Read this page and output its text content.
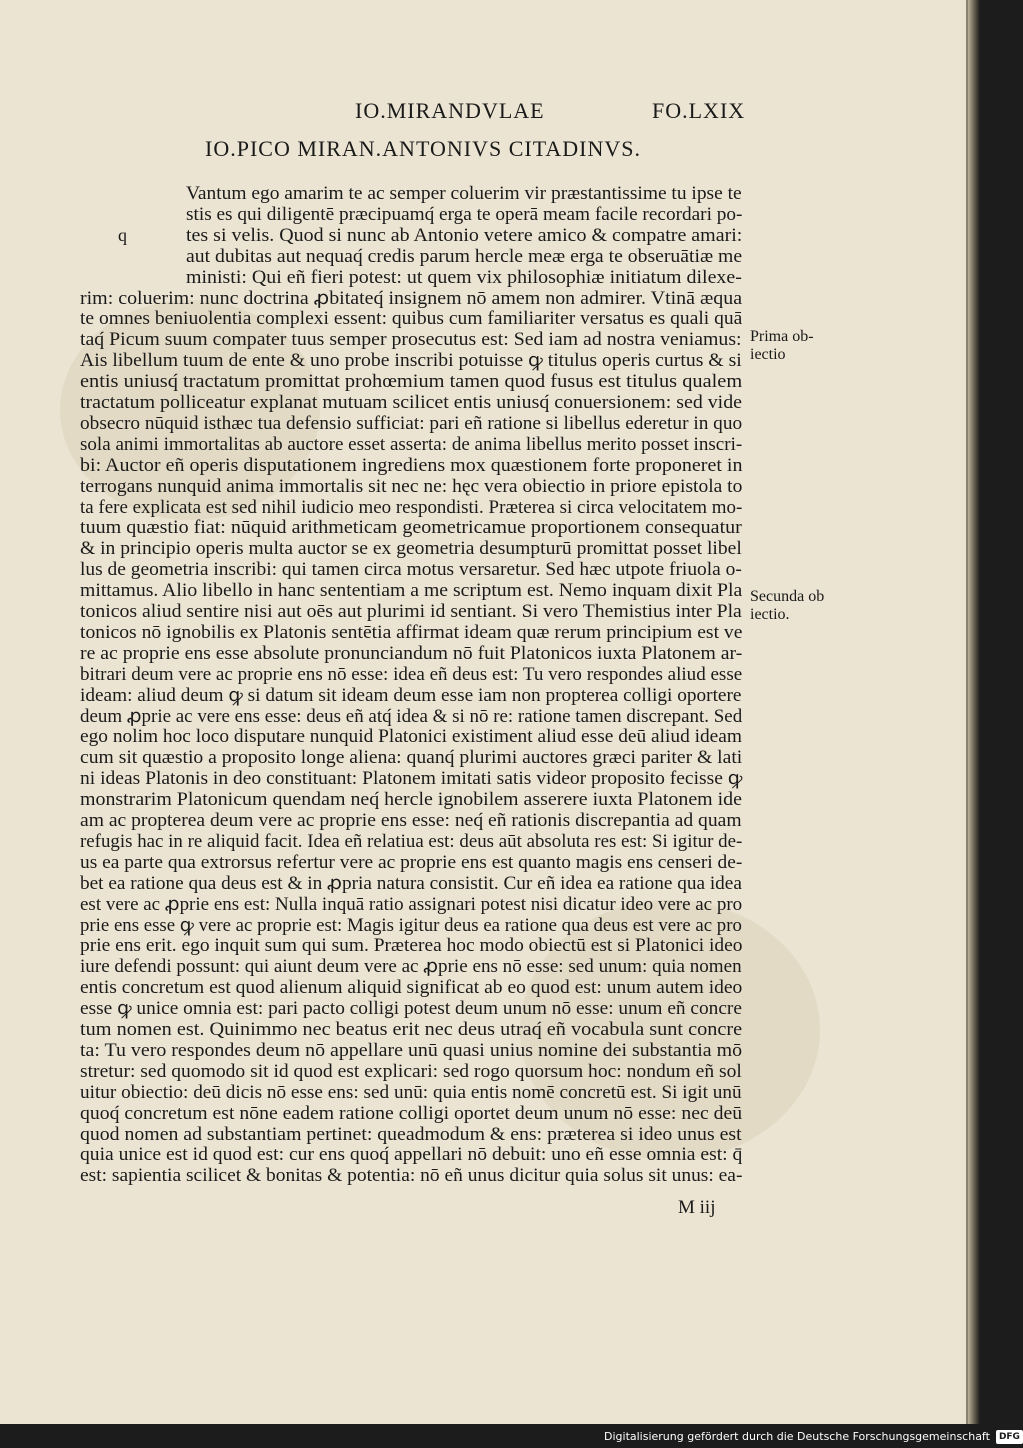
IO.MIRANDVLAE	FO.LXIX
IO.PICO MIRAN.ANTONIVS CITADINVS.
q
Vantum ego amarim te ac semper coluerim vir præstantissime tu ipse te
stis es qui diligentē præcipuamq́ erga te operā meam facile recordari po-
tes si velis. Quod si nunc ab Antonio vetere amico & compatre amari:
aut dubitas aut nequaq́ credis parum hercle meæ erga te obseruātiæ me
ministi: Qui eñ fieri potest: ut quem vix philosophiæ initiatum dilexe-
rim: coluerim: nunc doctrina ꝓbitateq́ insignem nō amem non admirer. Vtinā æqua
te omnes beniuolentia complexi essent: quibus cum familiariter versatus es quali quā
taq́ Picum suum compater tuus semper prosecutus est: Sed iam ad nostra veniamus:
Ais libellum tuum de ente & uno probe inscribi potuisse ꝙ titulus operis curtus & si
entis uniusq́ tractatum promittat prohœmium tamen quod fusus est titulus qualem
tractatum polliceatur explanat mutuam scilicet entis uniusq́ conuersionem: sed vide
obsecro nūquid isthæc tua defensio sufficiat: pari eñ ratione si libellus ederetur in quo
sola animi immortalitas ab auctore esset asserta: de anima libellus merito posset inscri-
bi: Auctor eñ operis disputationem ingrediens mox quæstionem forte proponeret in
terrogans nunquid anima immortalis sit nec ne: hęc vera obiectio in priore epistola to
ta fere explicata est sed nihil iudicio meo respondisti. Præterea si circa velocitatem mo-
tuum quæstio fiat: nūquid arithmeticam geometricamue proportionem consequatur
& in principio operis multa auctor se ex geometria desumpturū promittat posset libel
lus de geometria inscribi: qui tamen circa motus versaretur. Sed hæc utpote friuola o-
mittamus. Alio libello in hanc sententiam a me scriptum est. Nemo inquam dixit Pla
tonicos aliud sentire nisi aut oēs aut plurimi id sentiant. Si vero Themistius inter Pla
tonicos nō ignobilis ex Platonis sentētia affirmat ideam quæ rerum principium est ve
re ac proprie ens esse absolute pronunciandum nō fuit Platonicos iuxta Platonem ar-
bitrari deum vere ac proprie ens nō esse: idea eñ deus est: Tu vero respondes aliud esse
ideam: aliud deum ꝙ si datum sit ideam deum esse iam non propterea colligi oportere
deum ꝓprie ac vere ens esse: deus eñ atq́ idea & si nō re: ratione tamen discrepant. Sed
ego nolim hoc loco disputare nunquid Platonici existiment aliud esse deū aliud ideam
cum sit quæstio a proposito longe aliena: quanq́ plurimi auctores græci pariter & lati
ni ideas Platonis in deo constituant: Platonem imitati satis videor proposito fecisse ꝙ
monstrarim Platonicum quendam neq́ hercle ignobilem asserere iuxta Platonem ide
am ac propterea deum vere ac proprie ens esse: neq́ eñ rationis discrepantia ad quam
refugis hac in re aliquid facit. Idea eñ relatiua est: deus aūt absoluta res est: Si igitur de-
us ea parte qua extrorsus refertur vere ac proprie ens est quanto magis ens censeri de-
bet ea ratione qua deus est & in ꝓpria natura consistit. Cur eñ idea ea ratione qua idea
est vere ac ꝓprie ens est: Nulla inquā ratio assignari potest nisi dicatur ideo vere ac pro
prie ens esse ꝙ vere ac proprie est: Magis igitur deus ea ratione qua deus est vere ac pro
prie ens erit. ego inquit sum qui sum. Præterea hoc modo obiectū est si Platonici ideo
iure defendi possunt: qui aiunt deum vere ac ꝓprie ens nō esse: sed unum: quia nomen
entis concretum est quod alienum aliquid significat ab eo quod est: unum autem ideo
esse ꝙ unice omnia est: pari pacto colligi potest deum unum nō esse: unum eñ concre
tum nomen est. Quinimmo nec beatus erit nec deus utraq́ eñ vocabula sunt concre
ta: Tu vero respondes deum nō appellare unū quasi unius nomine dei substantia mō
stretur: sed quomodo sit id quod est explicari: sed rogo quorsum hoc: nondum eñ sol
uitur obiectio: deū dicis nō esse ens: sed unū: quia entis nomē concretū est. Si igit unū
quoq́ concretum est nōne eadem ratione colligi oportet deum unum nō esse: nec deū
quod nomen ad substantiam pertinet: queadmodum & ens: præterea si ideo unus est
quia unice est id quod est: cur ens quoq́ appellari nō debuit: uno eñ esse omnia est: q̄
est: sapientia scilicet & bonitas & potentia: nō eñ unus dicitur quia solus sit unus: ea-
Prima ob-
iectio
Secunda ob
iectio.
M iij
Digitalisierung gefördert durch die Deutsche Forschungsgemeinschaft	DFG
